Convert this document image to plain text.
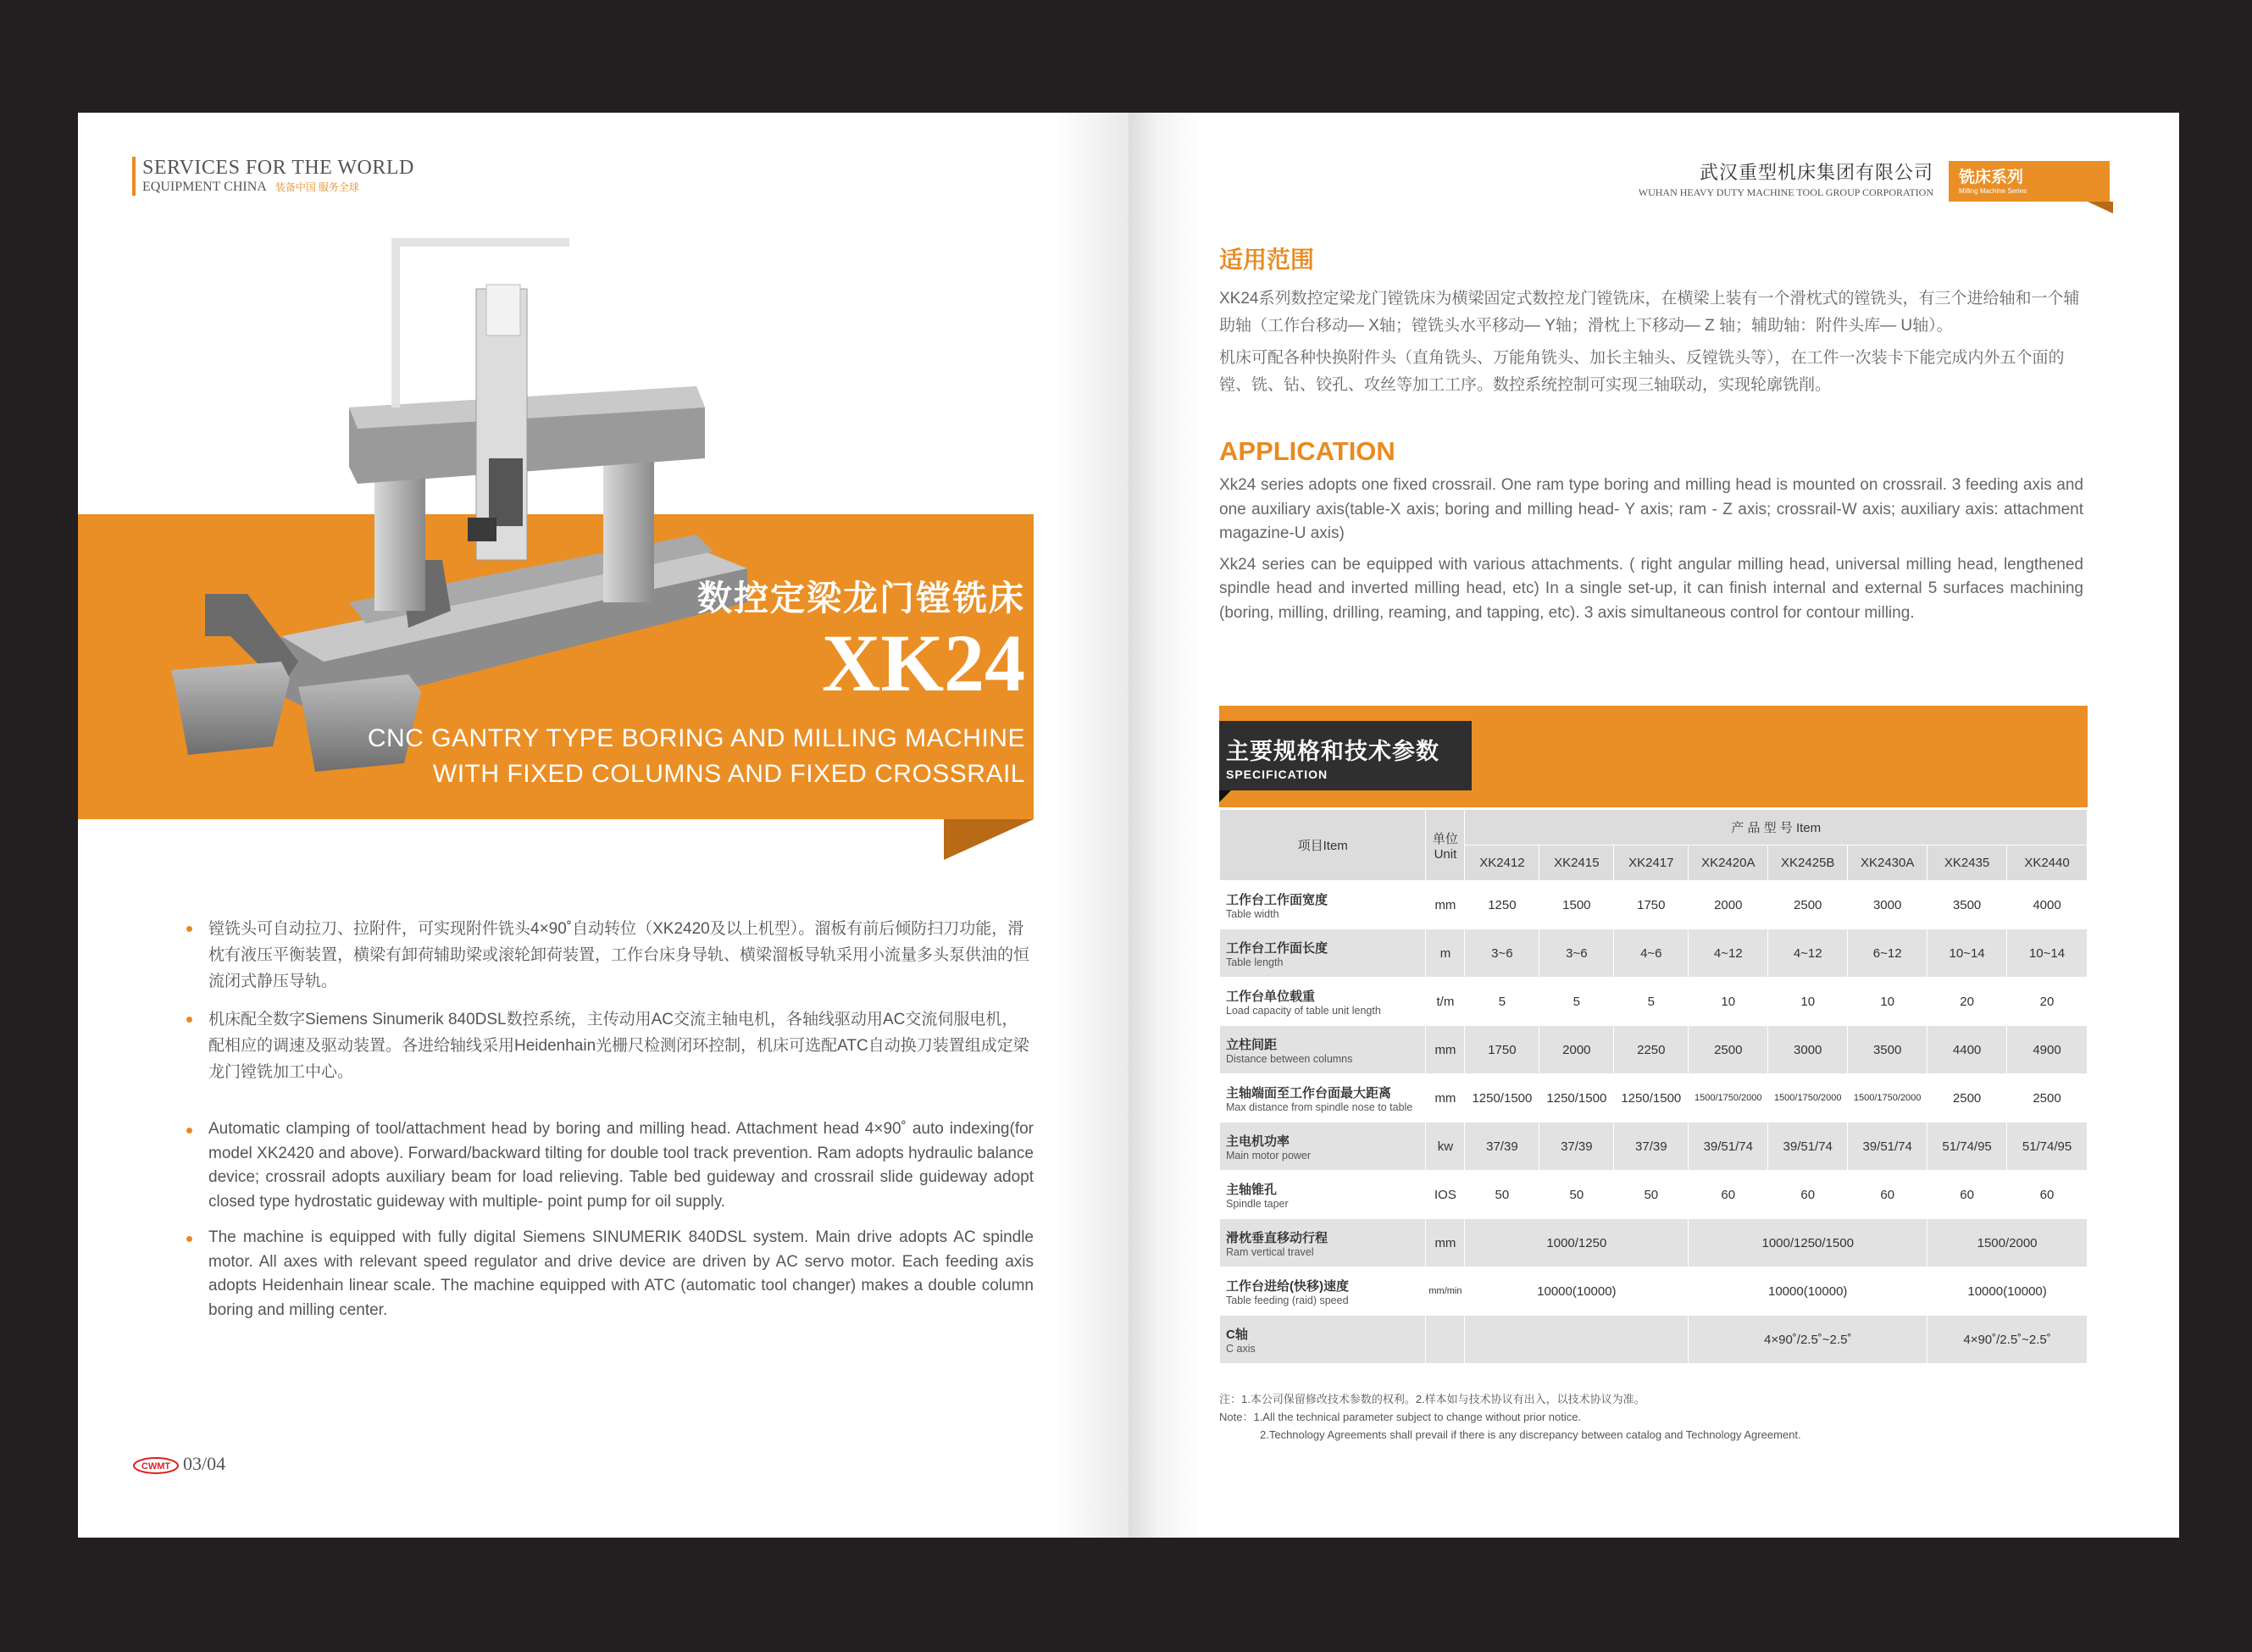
SERVICES FOR THE WORLD
EQUIPMENT CHINA 装备中国 服务全球
数控定梁龙门镗铣床
XK24
CNC GANTRY TYPE BORING AND MILLING MACHINE
WITH FIXED COLUMNS AND FIXED CROSSRAIL
镗铣头可自动拉刀、拉附件，可实现附件铣头4×90˚自动转位（XK2420及以上机型）。溜板有前后倾防扫刀功能，滑枕有液压平衡装置，横梁有卸荷辅助梁或滚轮卸荷装置，工作台床身导轨、横梁溜板导轨采用小流量多头泵供油的恒流闭式静压导轨。
机床配全数字Siemens Sinumerik 840DSL数控系统，主传动用AC交流主轴电机，各轴线驱动用AC交流伺服电机，配相应的调速及驱动装置。各进给轴线采用Heidenhain光栅尺检测闭环控制，机床可选配ATC自动换刀装置组成定梁龙门镗铣加工中心。
Automatic clamping of tool/attachment head by boring and milling head. Attachment head 4×90˚ auto indexing(for model XK2420 and above). Forward/backward tilting for double tool track prevention. Ram adopts hydraulic balance device; crossrail adopts auxiliary beam for load relieving. Table bed guideway and crossrail slide guideway adopt closed type hydrostatic guideway with multiple- point pump for oil supply.
The machine is equipped with fully digital Siemens SINUMERIK 840DSL system. Main drive adopts AC spindle motor. All axes with relevant speed regulator and drive device are driven by AC servo motor. Each feeding axis adopts Heidenhain linear scale. The machine equipped with ATC (automatic tool changer) makes a double column boring and milling center.
CWMT 03/04
武汉重型机床集团有限公司
WUHAN HEAVY DUTY MACHINE TOOL GROUP CORPORATION
铣床系列
Milling Machine Series
适用范围

XK24系列数控定梁龙门镗铣床为横梁固定式数控龙门镗铣床，在横梁上装有一个滑枕式的镗铣头，有三个进给轴和一个辅助轴（工作台移动— X轴；镗铣头水平移动— Y轴；滑枕上下移动— Z 轴；辅助轴：附件头库— U轴）。

机床可配各种快换附件头（直角铣头、万能角铣头、加长主轴头、反镗铣头等），在工件一次装卡下能完成内外五个面的镗、铣、钻、铰孔、攻丝等加工工序。数控系统控制可实现三轴联动，实现轮廓铣削。

APPLICATION

Xk24 series adopts one fixed crossrail. One ram type boring and milling head is mounted on crossrail. 3 feeding axis and one auxiliary axis(table-X axis; boring and milling head- Y axis; ram - Z axis; crossrail-W axis; auxiliary axis: attachment magazine-U axis)

Xk24 series can be equipped with various attachments. ( right angular milling head, universal milling head, lengthened spindle head and inverted milling head, etc) In a single set-up, it can finish internal and external 5 surfaces machining (boring, milling, drilling, reaming, and tapping, etc). 3 axis simultaneous control for contour milling.

主要规格和技术参数
SPECIFICATION
项目Item	单位
Unit	产 品 型 号 Item							
		XK2412	XK2415	XK2417	XK2420A	XK2425B	XK2430A	XK2435	XK2440

工作台工作面宽度
Table width	mm	1250	1500	1750	2000	2500	3000	3500	4000

工作台工作面长度
Table length	m	3~6	3~6	4~6	4~12	4~12	6~12	10~14	10~14

工作台单位载重
Load capacity of table unit length	t/m	5	5	5	10	10	10	20	20

立柱间距
Distance between columns	mm	1750	2000	2250	2500	3000	3500	4400	4900

主轴端面至工作台面最大距离
Max distance from spindle nose to table	mm	1250/1500	1250/1500	1250/1500	1500/1750/2000	1500/1750/2000	1500/1750/2000	2500	2500

主电机功率
Main motor power	kw	37/39	37/39	37/39	39/51/74	39/51/74	39/51/74	51/74/95	51/74/95

主轴锥孔
Spindle taper	IOS	50	50	50	60	60	60	60	60

滑枕垂直移动行程
Ram vertical travel	mm	1000/1250			1000/1250/1500			1500/2000	

工作台进给(快移)速度
Table feeding (raid) speed	mm/min	10000(10000)			10000(10000)			10000(10000)	

C轴
C axis					4×90˚/2.5˚~2.5˚			4×90˚/2.5˚~2.5˚	
注：1.本公司保留修改技术参数的权利。2.样本如与技术协议有出入，以技术协议为准。
Note：1.All the technical parameter subject to change without prior notice.
2.Technology Agreements shall prevail if there is any discrepancy between catalog and Technology Agreement.
